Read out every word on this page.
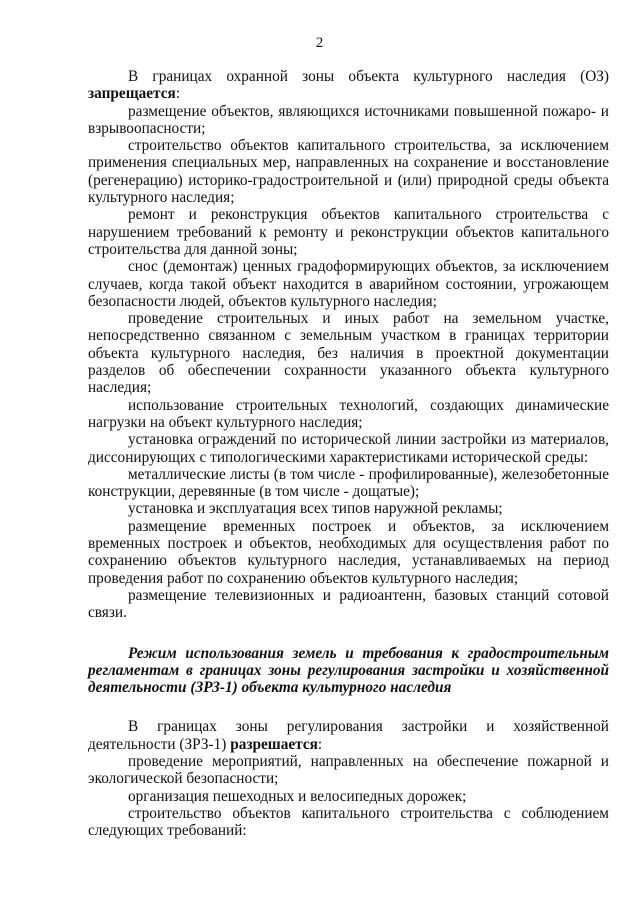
2

В границах охранной зоны объекта культурного наследия (ОЗ) запрещается:

размещение объектов, являющихся источниками повышенной пожаро- и взрывоопасности;

строительство объектов капитального строительства, за исключением применения специальных мер, направленных на сохранение и восстановление (регенерацию) историко-градостроительной и (или) природной среды объекта культурного наследия;

ремонт и реконструкция объектов капитального строительства с нарушением требований к ремонту и реконструкции объектов капитального строительства для данной зоны;

снос (демонтаж) ценных градоформирующих объектов, за исключением случаев, когда такой объект находится в аварийном состоянии, угрожающем безопасности людей, объектов культурного наследия;

проведение строительных и иных работ на земельном участке, непосредственно связанном с земельным участком в границах территории объекта культурного наследия, без наличия в проектной документации разделов об обеспечении сохранности указанного объекта культурного наследия;

использование строительных технологий, создающих динамические нагрузки на объект культурного наследия;

установка ограждений по исторической линии застройки из материалов, диссонирующих с типологическими характеристиками исторической среды:

металлические листы (в том числе - профилированные), железобетонные конструкции, деревянные (в том числе - дощатые);

установка и эксплуатация всех типов наружной рекламы;

размещение временных построек и объектов, за исключением временных построек и объектов, необходимых для осуществления работ по сохранению объектов культурного наследия, устанавливаемых на период проведения работ по сохранению объектов культурного наследия;

размещение телевизионных и радиоантенн, базовых станций сотовой связи.

Режим использования земель и требования к градостроительным регламентам в границах зоны регулирования застройки и хозяйственной деятельности (ЗРЗ-1) объекта культурного наследия

В границах зоны регулирования застройки и хозяйственной деятельности (ЗРЗ-1) разрешается:

проведение мероприятий, направленных на обеспечение пожарной и экологической безопасности;

организация пешеходных и велосипедных дорожек;

строительство объектов капитального строительства с соблюдением следующих требований:
